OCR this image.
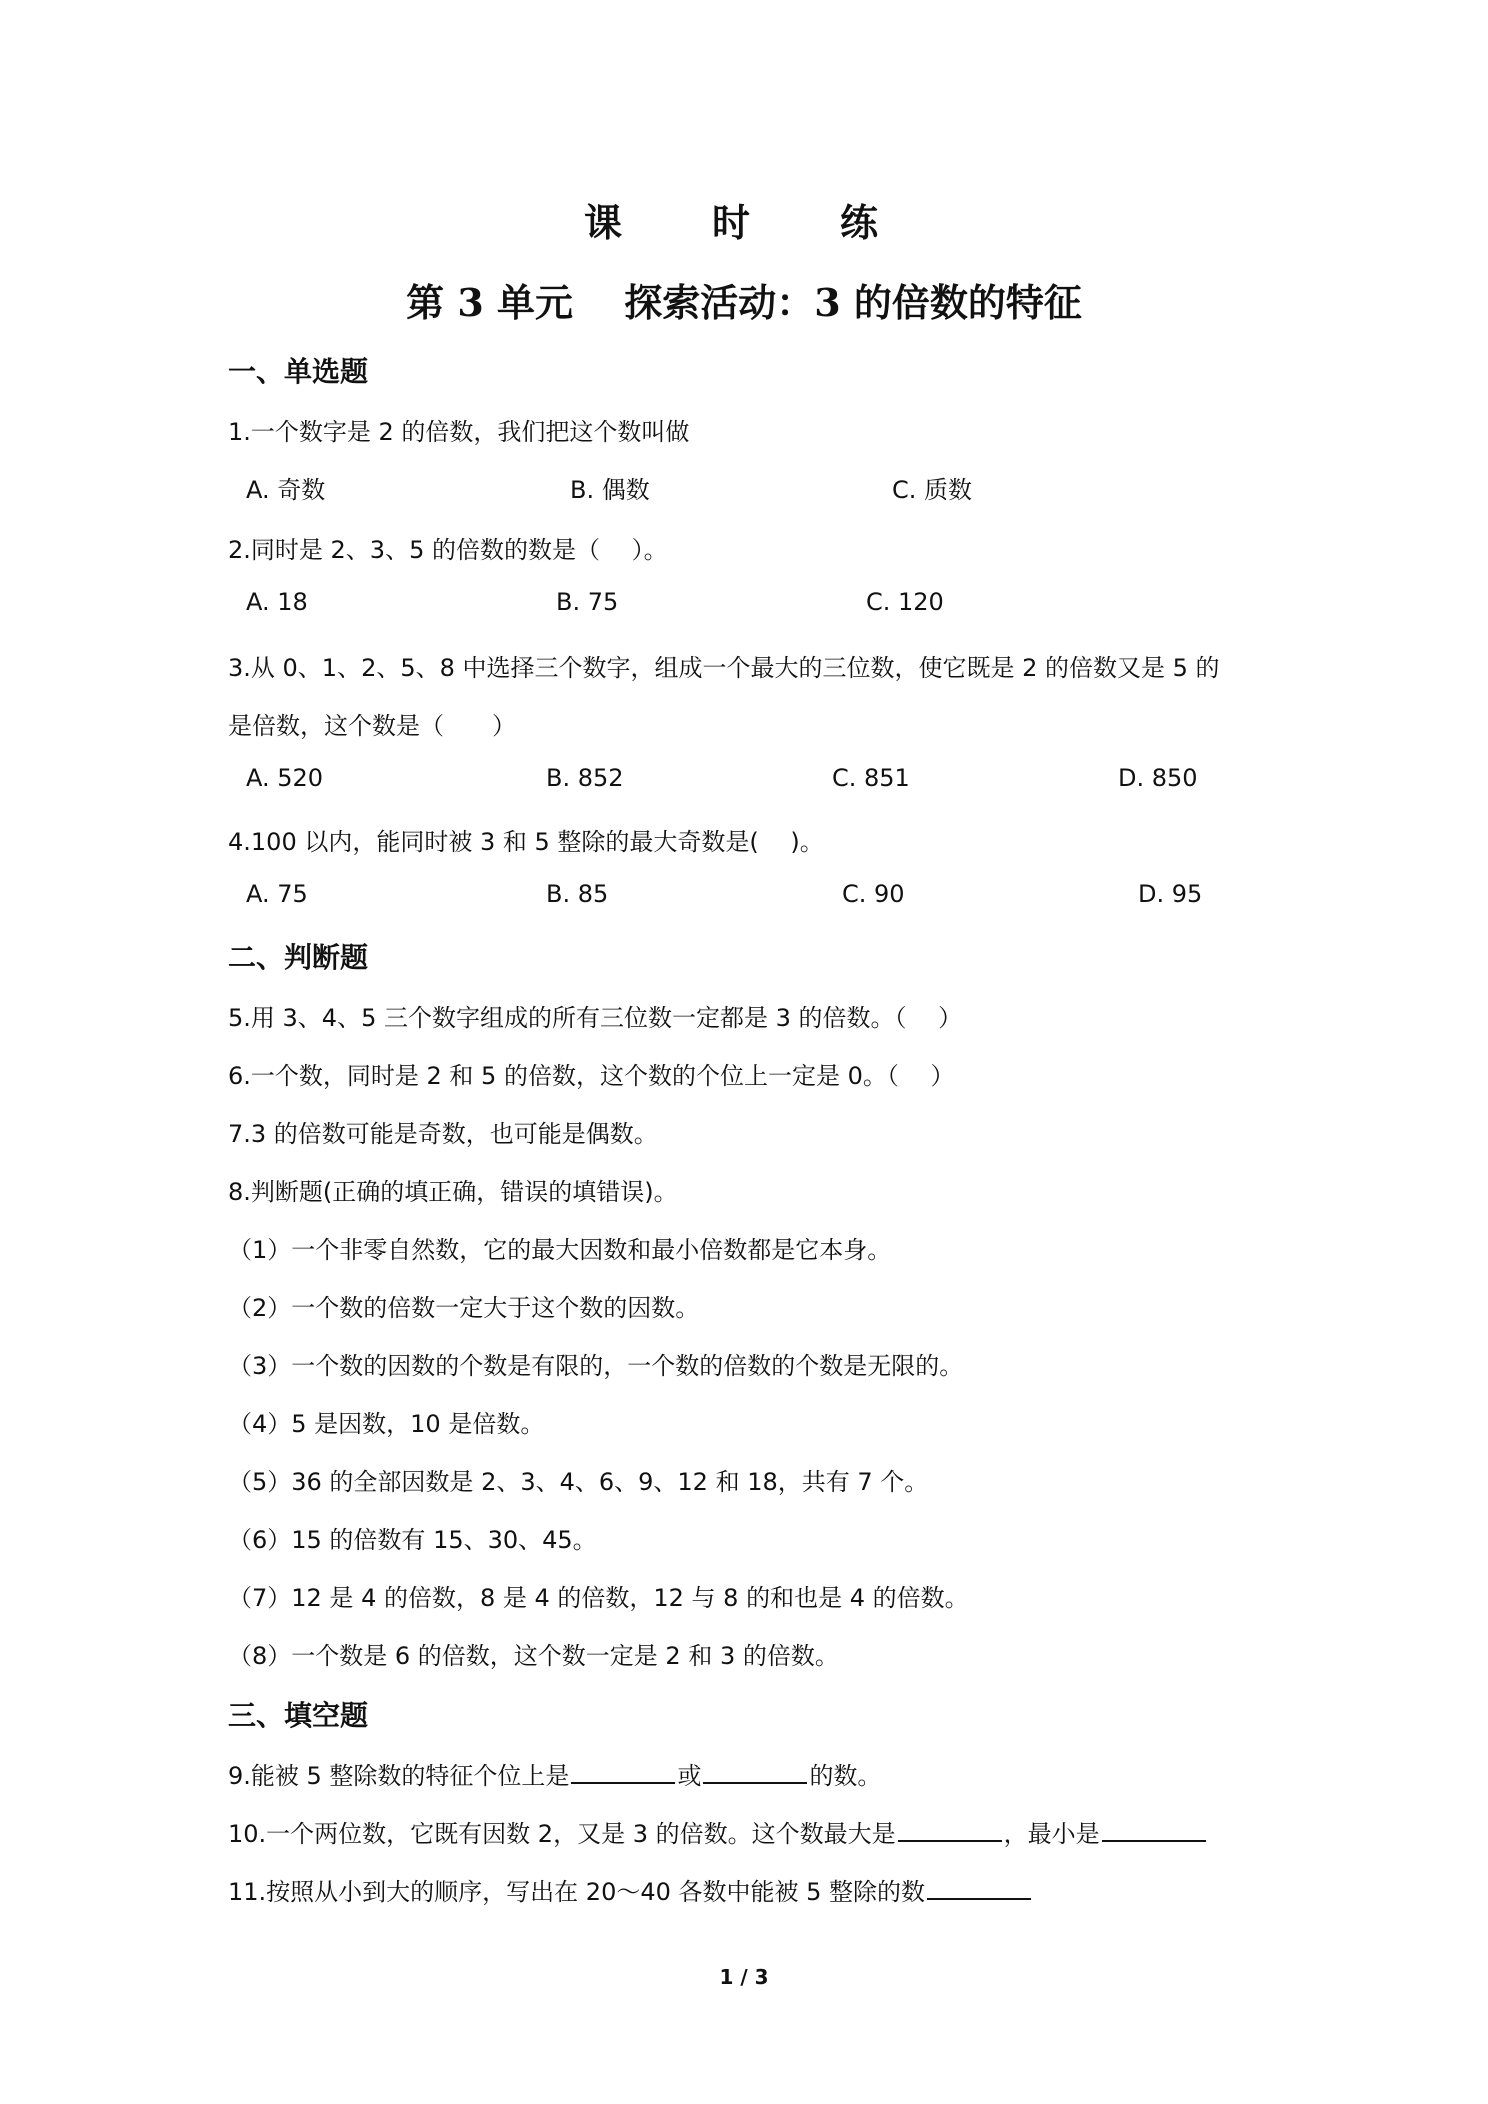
课　时　练
第 3 单元　 探索活动：3 的倍数的特征
一、单选题
1.一个数字是 2 的倍数，我们把这个数叫做
A. 奇数	B. 偶数	C. 质数
2.同时是 2、3、5 的倍数的数是（　 ）。
A. 18	B. 75	C. 120
3.从 0、1、2、5、8 中选择三个数字，组成一个最大的三位数，使它既是 2 的倍数又是 5 的
是倍数，这个数是（　　）
A. 520	B. 852	C. 851	D. 850
4.100 以内，能同时被 3 和 5 整除的最大奇数是(　 )。
A. 75	B. 85	C. 90	D. 95
二、判断题
5.用 3、4、5 三个数字组成的所有三位数一定都是 3 的倍数。（　 ）
6.一个数，同时是 2 和 5 的倍数，这个数的个位上一定是 0。（　 ）
7.3 的倍数可能是奇数，也可能是偶数。
8.判断题(正确的填正确，错误的填错误)。
（1）一个非零自然数，它的最大因数和最小倍数都是它本身。
（2）一个数的倍数一定大于这个数的因数。
（3）一个数的因数的个数是有限的，一个数的倍数的个数是无限的。
（4）5 是因数，10 是倍数。
（5）36 的全部因数是 2、3、4、6、9、12 和 18，共有 7 个。
（6）15 的倍数有 15、30、45。
（7）12 是 4 的倍数，8 是 4 的倍数，12 与 8 的和也是 4 的倍数。
（8）一个数是 6 的倍数，这个数一定是 2 和 3 的倍数。
三、填空题
9.能被 5 整除数的特征个位上是	或	的数。
10.一个两位数，它既有因数 2，又是 3 的倍数。这个数最大是	，最小是
11.按照从小到大的顺序，写出在 20～40 各数中能被 5 整除的数
1 / 3
